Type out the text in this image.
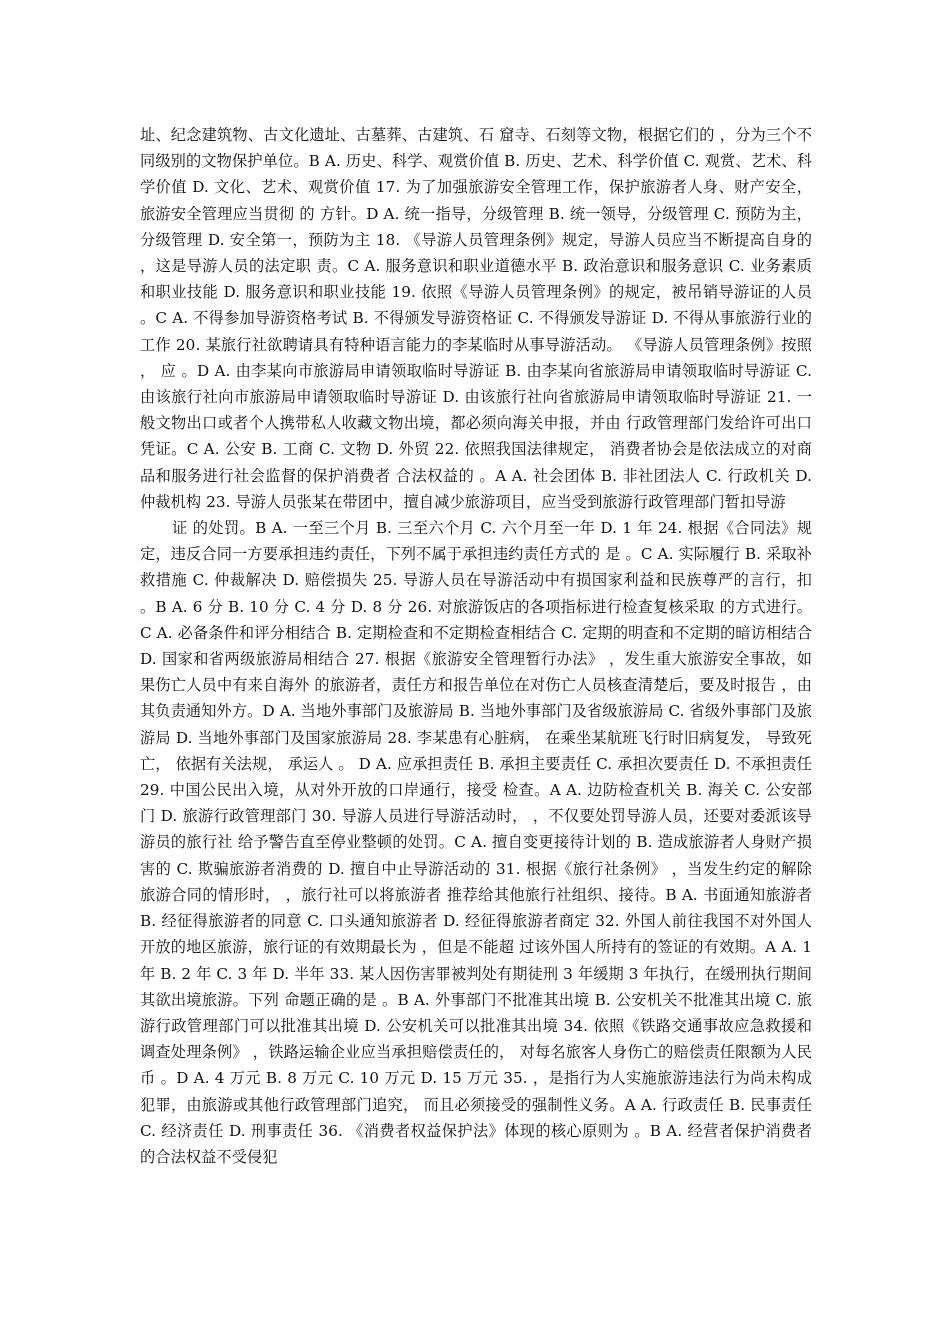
址、纪念建筑物、古文化遗址、古墓葬、古建筑、石 窟寺、石刻等文物，根据它们的 ，分为三个不同级别的文物保护单位。B A. 历史、科学、观赏价值 B. 历史、艺术、科学价值 C. 观赏、艺术、科学价值 D. 文化、艺术、观赏价值 17. 为了加强旅游安全管理工作，保护旅游者人身、财产安全，旅游安全管理应当贯彻 的 方针。D A. 统一指导，分级管理 B. 统一领导，分级管理 C. 预防为主，分级管理 D. 安全第一，预防为主 18. 《导游人员管理条例》规定，导游人员应当不断提高自身的 ，这是导游人员的法定职 责。C A. 服务意识和职业道德水平 B. 政治意识和服务意识 C. 业务素质和职业技能 D. 服务意识和职业技能 19. 依照《导游人员管理条例》的规定，被吊销导游证的人员 。C A. 不得参加导游资格考试 B. 不得颁发导游资格证 C. 不得颁发导游证 D. 不得从事旅游行业的工作 20. 某旅行社欲聘请具有特种语言能力的李某临时从事导游活动。 《导游人员管理条例》按照 ， 应 。D A. 由李某向市旅游局申请领取临时导游证 B. 由李某向省旅游局申请领取临时导游证 C. 由该旅行社向市旅游局申请领取临时导游证 D. 由该旅行社向省旅游局申请领取临时导游证 21. 一般文物出口或者个人携带私人收藏文物出境，都必须向海关申报，并由 行政管理部门发给许可出口凭证。C A. 公安 B. 工商 C. 文物 D. 外贸 22. 依照我国法律规定， 消费者协会是依法成立的对商品和服务进行社会监督的保护消费者 合法权益的 。A A. 社会团体 B. 非社团法人 C. 行政机关 D. 仲裁机构 23. 导游人员张某在带团中，擅自减少旅游项目，应当受到旅游行政管理部门暂扣导游

证 的处罚。B A. 一至三个月 B. 三至六个月 C. 六个月至一年 D. 1 年 24. 根据《合同法》规定，违反合同一方要承担违约责任，下列不属于承担违约责任方式的 是 。C A. 实际履行 B. 采取补救措施 C. 仲裁解决 D. 赔偿损失 25. 导游人员在导游活动中有损国家利益和民族尊严的言行，扣 。B A. 6 分 B. 10 分 C. 4 分 D. 8 分 26. 对旅游饭店的各项指标进行检查复核采取 的方式进行。C A. 必备条件和评分相结合 B. 定期检查和不定期检查相结合 C. 定期的明查和不定期的暗访相结合 D. 国家和省两级旅游局相结合 27. 根据《旅游安全管理暂行办法》 ，发生重大旅游安全事故，如果伤亡人员中有来自海外 的旅游者，责任方和报告单位在对伤亡人员核查清楚后，要及时报告 ，由其负责通知外方。D A. 当地外事部门及旅游局 B. 当地外事部门及省级旅游局 C. 省级外事部门及旅游局 D. 当地外事部门及国家旅游局 28. 李某患有心脏病， 在乘坐某航班飞行时旧病复发， 导致死亡， 依据有关法规， 承运人 。 D A. 应承担责任 B. 承担主要责任 C. 承担次要责任 D. 不承担责任 29. 中国公民出入境，从对外开放的口岸通行，接受 检查。A A. 边防检查机关 B. 海关 C. 公安部门 D. 旅游行政管理部门 30. 导游人员进行导游活动时， ，不仅要处罚导游人员，还要对委派该导游员的旅行社 给予警告直至停业整顿的处罚。C A. 擅自变更接待计划的 B. 造成旅游者人身财产损害的 C. 欺骗旅游者消费的 D. 擅自中止导游活动的 31. 根据《旅行社条例》 ，当发生约定的解除旅游合同的情形时， ，旅行社可以将旅游者 推荐给其他旅行社组织、接待。B A. 书面通知旅游者 B. 经征得旅游者的同意 C. 口头通知旅游者 D. 经征得旅游者商定 32. 外国人前往我国不对外国人开放的地区旅游，旅行证的有效期最长为 ，但是不能超 过该外国人所持有的签证的有效期。A A. 1 年 B. 2 年 C. 3 年 D. 半年 33. 某人因伤害罪被判处有期徒刑 3 年缓期 3 年执行，在缓刑执行期间其欲出境旅游。下列 命题正确的是 。B A. 外事部门不批准其出境 B. 公安机关不批准其出境 C. 旅游行政管理部门可以批准其出境 D. 公安机关可以批准其出境 34. 依照《铁路交通事故应急救援和调查处理条例》 ，铁路运输企业应当承担赔偿责任的， 对每名旅客人身伤亡的赔偿责任限额为人民币 。D A. 4 万元 B. 8 万元 C. 10 万元 D. 15 万元 35. ，是指行为人实施旅游违法行为尚未构成犯罪，由旅游或其他行政管理部门追究， 而且必须接受的强制性义务。A A. 行政责任 B. 民事责任 C. 经济责任 D. 刑事责任 36. 《消费者权益保护法》体现的核心原则为 。B A. 经营者保护消费者的合法权益不受侵犯
